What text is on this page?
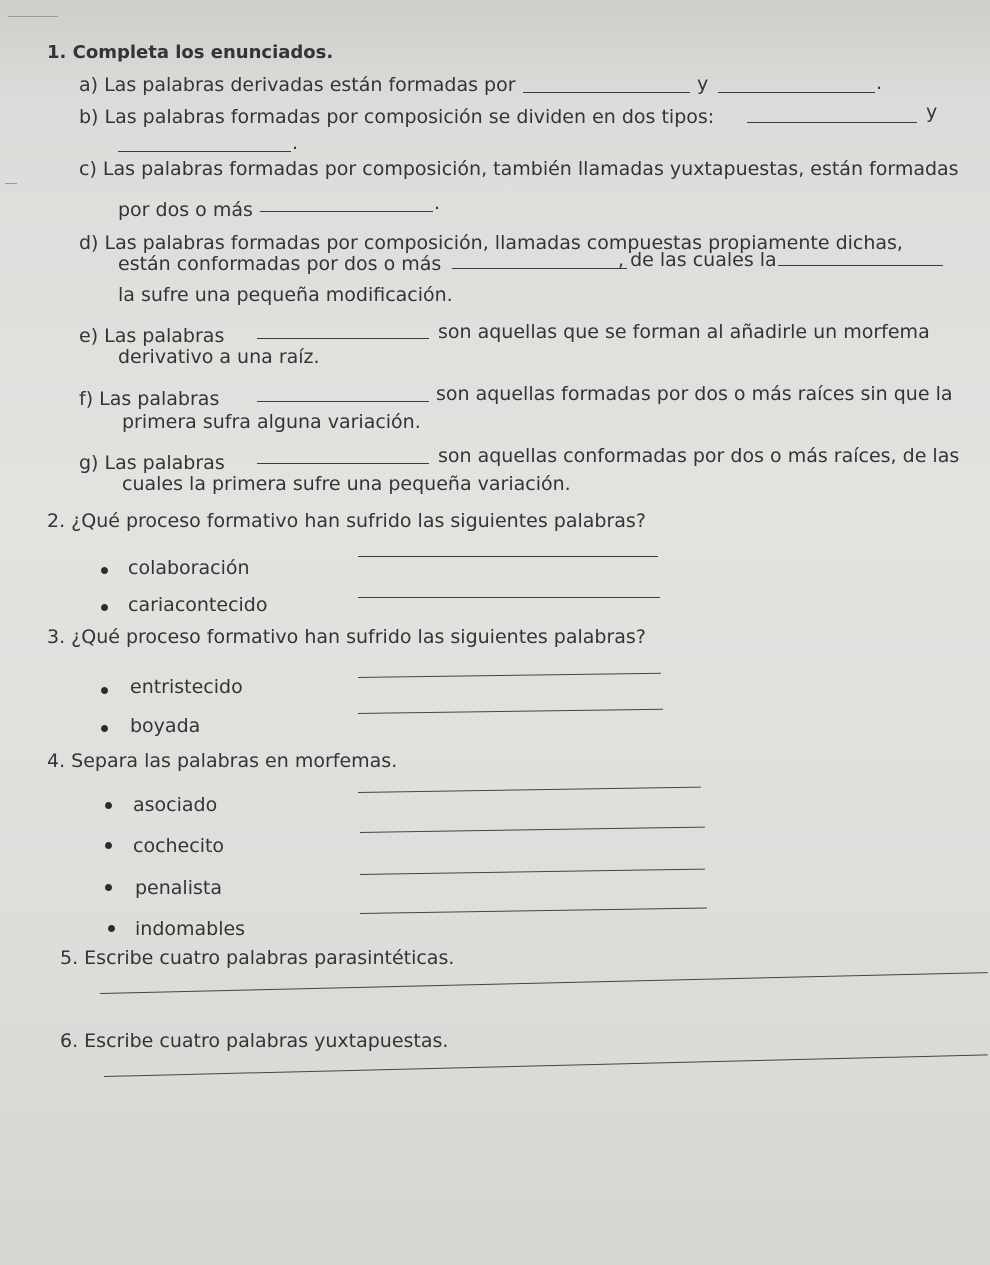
1. Completa los enunciados.
a) Las palabras derivadas están formadas por	y	.
b) Las palabras formadas por composición se dividen en dos tipos:	y
.
c) Las palabras formadas por composición, también llamadas yuxtapuestas, están formadas
por dos o más	.
d) Las palabras formadas por composición, llamadas compuestas propiamente dichas,
están conformadas por dos o más	, de las cuales la
la sufre una pequeña modificación.
e) Las palabras	son aquellas que se forman al añadirle un morfema
derivativo a una raíz.
f) Las palabras	son aquellas formadas por dos o más raíces sin que la
primera sufra alguna variación.
g) Las palabras	son aquellas conformadas por dos o más raíces, de las
cuales la primera sufre una pequeña variación.
2. ¿Qué proceso formativo han sufrido las siguientes palabras?
colaboración
cariacontecido
3. ¿Qué proceso formativo han sufrido las siguientes palabras?
entristecido
boyada
4. Separa las palabras en morfemas.
asociado
cochecito
penalista
indomables
5. Escribe cuatro palabras parasintéticas.
6. Escribe cuatro palabras yuxtapuestas.
